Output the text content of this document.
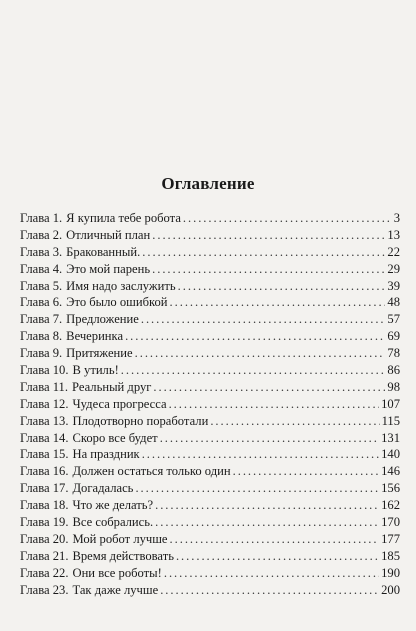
Оглавление
Глава 1. Я купила тебе робота . . .	3
Глава 2. Отличный план . . .	13
Глава 3. Бракованный. . . .	22
Глава 4. Это мой парень . . .	29
Глава 5. Имя надо заслужить . . .	39
Глава 6. Это было ошибкой . . .	48
Глава 7. Предложение . . .	57
Глава 8. Вечеринка . . .	69
Глава 9. Притяжение . . .	78
Глава 10. В утиль! . . .	86
Глава 11. Реальный друг . . .	98
Глава 12. Чудеса прогресса . . .	107
Глава 13. Плодотворно поработали . . .	115
Глава 14. Скоро все будет . . .	131
Глава 15. На праздник . . .	140
Глава 16. Должен остаться только один . . .	146
Глава 17. Догадалась . . .	156
Глава 18. Что же делать? . . .	162
Глава 19. Все собрались. . . .	170
Глава 20. Мой робот лучше . . .	177
Глава 21. Время действовать . . .	185
Глава 22. Они все роботы! . . .	190
Глава 23. Так даже лучше . . .	200
